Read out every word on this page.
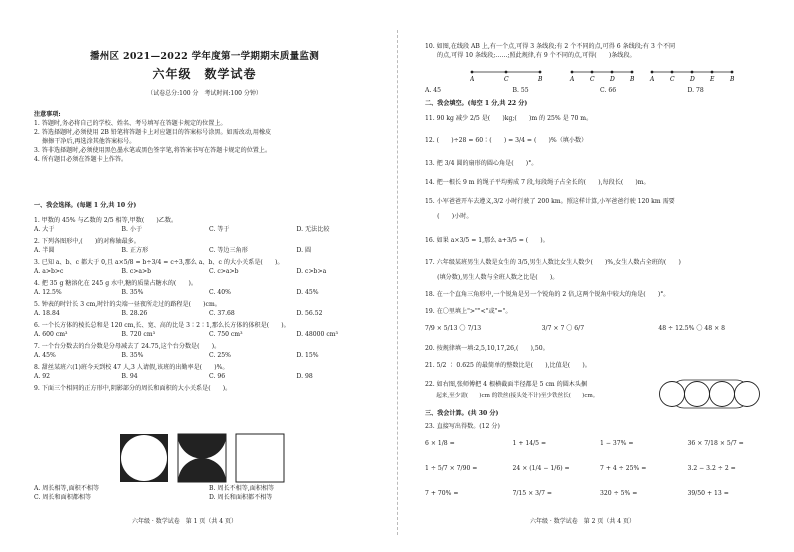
播州区 2021—2022 学年度第一学期期末质量监测
六年级　数学试卷
（试卷总分:100 分　考试时间:100 分钟）
注意事项:
1. 答题时,务必将自己的学校、姓名、考号填写在答题卡规定的位置上。
2. 答选择题时,必须使用 2B 铅笔将答题卡上对应题目的答案标号涂黑。如需改动,用橡皮
　 擦擦干净后,再选涂其他答案标号。
3. 答非选择题时,必须使用黑色墨水笔或黑色签字笔,将答案书写在答题卡规定的位置上。
4. 所有题目必须在答题卡上作答。
一、我会选择。(每题 1 分,共 10 分)
1. 甲数的 45% 与乙数的 2/5 相等,甲数(　　)乙数。
A. 大于	B. 小于	C. 等于	D. 无法比较
2. 下列各图形中,(　　)的对称轴最多。
A. 半圆	B. 正方形	C. 等边三角形	D. 圆
3. 已知 a、b、c 都大于 0,且 a×5/8 = b÷3/4 = c÷3,那么 a、b、c 的大小关系是(　　)。
A. a>b>c	B. c>a>b	C. c>a>b	D. c>b>a
4. 把 35 g 糖溶化在 245 g 水中,糖的质量占糖水的(　　)。
A. 12.5%	B. 35%	C. 40%	D. 45%
5. 钟表的时针长 3 cm,时针的尖端一昼夜所走过的路程是(　　)cm。
A. 18.84	B. 28.26	C. 37.68	D. 56.52
6. 一个长方体的棱长总和是 120 cm,长、宽、高的比是 3∶2∶1,那么长方体的体积是(　　)。
A. 600 cm³	B. 720 cm³	C. 750 cm³	D. 48000 cm³
7. 一个台分数去的台分数是分母减去了 24.75,这个台分数是(　　)。
A. 45%	B. 35%	C. 25%	D. 15%
8. 甜丝某班六(1)班今天到校 47 人,3 人请假,该班的出勤率是(　　)%。
A. 92	B. 94	C. 96	D. 98
9. 下面三个相同的正方形中,阴影部分的周长和面积的大小关系是(　　)。
A. 周长相等,面积不相等	B. 周长不相等,面积相等
C. 周长和面积都相等	D. 周长和面积都不相等
六年级 · 数学试卷　第 1 页（共 4 页）
10. 如图,在线段 AB 上,有一个点,可得 3 条线段;有 2 个不同的点,可得 6 条线段;有 3 个不同
的点,可得 10 条线段;……;照此规律,有 9 个不同的点,可得(　　)条线段。
A	C	B	A	C	D	B	A	C	D	E	B
A. 45	B. 55	C. 66	D. 78
二、我会填空。(每空 1 分,共 22 分)
11. 90 kg 减少 2/5 是(　　)kg;(　　)m 的 25% 是 70 m。
12. (　　)÷28 = 60∶(　　) = 3/4 = (　　)%（填小数）
13. 把 3/4 圆的扇形的圆心角是(　　)°。
14. 把一根长 9 m 的绳子平均剪成 7 段,每段绳子占全长的(　　),每段长(　　)m。
15. 小军爸爸开车去遵义,3/2 小时行驶了 200 km。照这样计算,小军爸爸行驶 120 km 需要
　　(　　)小时。
16. 如果 a×3/5 = 1,那么 a+3/5 = (　　)。
17. 六年级某班男生人数是女生的 3/5,男生人数比女生人数少(　　)%,女生人数占全班的(　　)
　　(填分数),男生人数与全班人数之比是(　　)。
18. 在一个直角三角形中,一个锐角是另一个锐角的 2 倍,这两个锐角中较大的角是(　　)°。
19. 在〇里填上">""<"或"="。
7/9 × 5/13 〇 7/13	3/7 × 7 〇 6/7	48 ÷ 12.5% 〇 48 × 8
20. 按规律填一填:2,5,10,17,26,(　　),50。
21. 5/2 ∶ 0.625 的最简单的整数比是(　　),比值是(　　)。
22. 如右图,张师傅把 4 根横截面半径都是 5 cm 的圆木头捆
　　起来,至少需(　　)cm 的铁丝(接头处不计)至少铁丝长(　　)cm。
三、我会计算。(共 30 分)
23. 直接写出得数。(12 分)
6 × 1/8 =	1 + 14/5 =	1 − 37% =	36 × 7/18 × 5/7 =
1 ÷ 5/7 × 7/90 =	24 × (1/4 − 1/6) =	7 + 4 ÷ 25% =	3.2 − 3.2 ÷ 2 =
7 + 70% =	7/15 × 3/7 =	320 ÷ 5% =	39/50 + 13 =
六年级 · 数学试卷　第 2 页（共 4 页）
